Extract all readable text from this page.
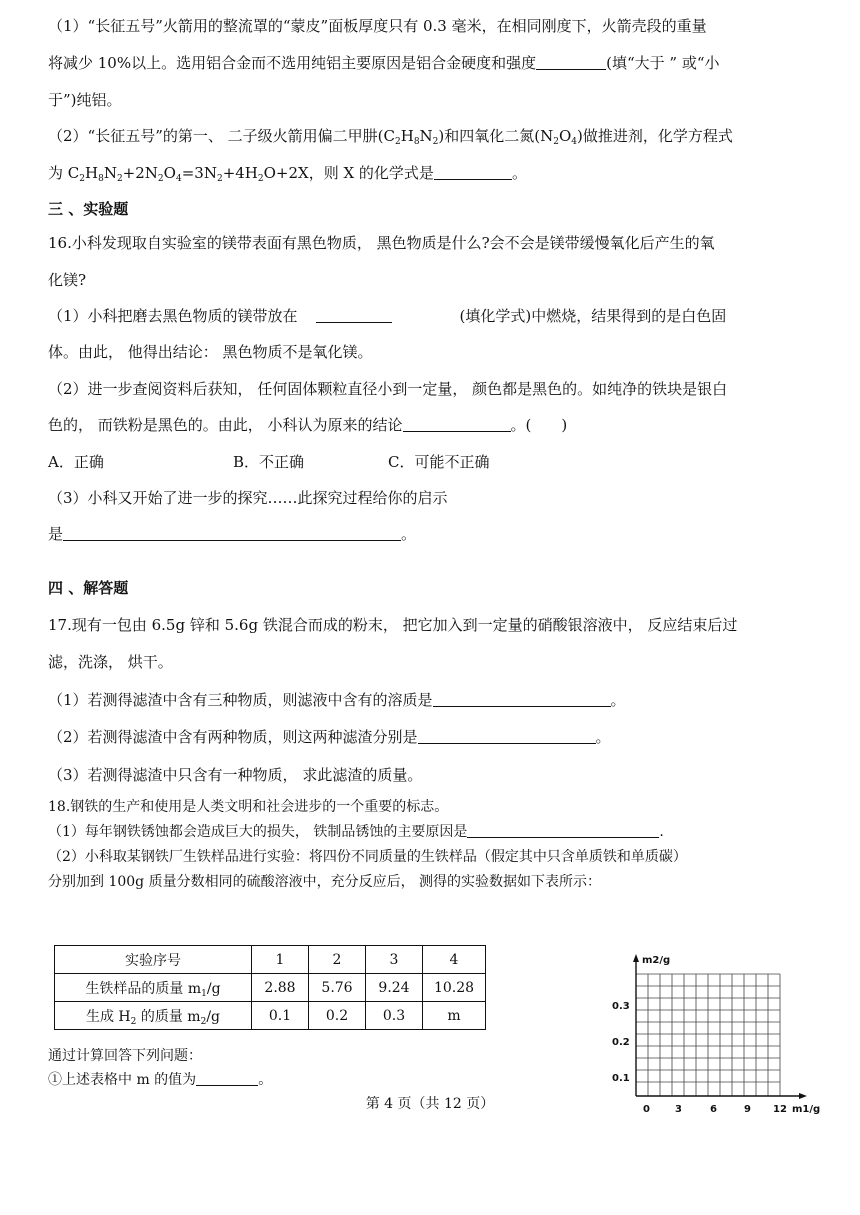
（1）“长征五号”火箭用的整流罩的“蒙皮”面板厚度只有 0.3 毫米，在相同刚度下，火箭壳段的重量
将减少 10%以上。选用铝合金而不选用纯铝主要原因是铝合金硬度和强度	(填“大于 ” 或“小
于”)纯铝。
（2）“长征五号”的第一、 二子级火箭用偏二甲肼$(C_2H_8N_2)$和四氧化二氮$(N_2O_4)$做推进剂，化学方程式
为 $C_2H_8N_2+2N_2O_4=3N_2+4H_2O+2X$，则 X 的化学式是	。
三 、实验题
16.小科发现取自实验室的镁带表面有黑色物质， 黑色物质是什么?会不会是镁带缓慢氧化后产生的氧
化镁?
（1）小科把磨去黑色物质的镁带放在	(填化学式)中燃烧，结果得到的是白色固
体。由此， 他得出结论： 黑色物质不是氧化镁。
（2）进一步查阅资料后获知， 任何固体颗粒直径小到一定量， 颜色都是黑色的。如纯净的铁块是银白
色的， 而铁粉是黑色的。由此， 小科认为原来的结论	。(　　)
A．正确	B．不正确	C．可能不正确
（3）小科又开始了进一步的探究……此探究过程给你的启示
是	。
四 、解答题
17.现有一包由 6.5g 锌和 5.6g 铁混合而成的粉末， 把它加入到一定量的硝酸银溶液中， 反应结束后过
滤，洗涤， 烘干。
（1）若测得滤渣中含有三种物质，则滤液中含有的溶质是	。
（2）若测得滤渣中含有两种物质，则这两种滤渣分别是	。
（3）若测得滤渣中只含有一种物质， 求此滤渣的质量。
18.钢铁的生产和使用是人类文明和社会进步的一个重要的标志。
（1）每年钢铁锈蚀都会造成巨大的损失， 铁制品锈蚀的主要原因是	.
（2）小科取某钢铁厂生铁样品进行实验：将四份不同质量的生铁样品（假定其中只含单质铁和单质碳）
分别加到 100g 质量分数相同的硫酸溶液中，充分反应后， 测得的实验数据如下表所示：
实验序号	1	2	3	4
生铁样品的质量 $m_1/g$	2.88	5.76	9.24	10.28
生成 $H_2$ 的质量 $m_2/g$	0.1	0.2	0.3	m
通过计算回答下列问题：
①上述表格中 m 的值为	。
m2/g
m1/g
0.3
0.2
0.1
0	3	6	9 12
第 4 页（共 12 页）
